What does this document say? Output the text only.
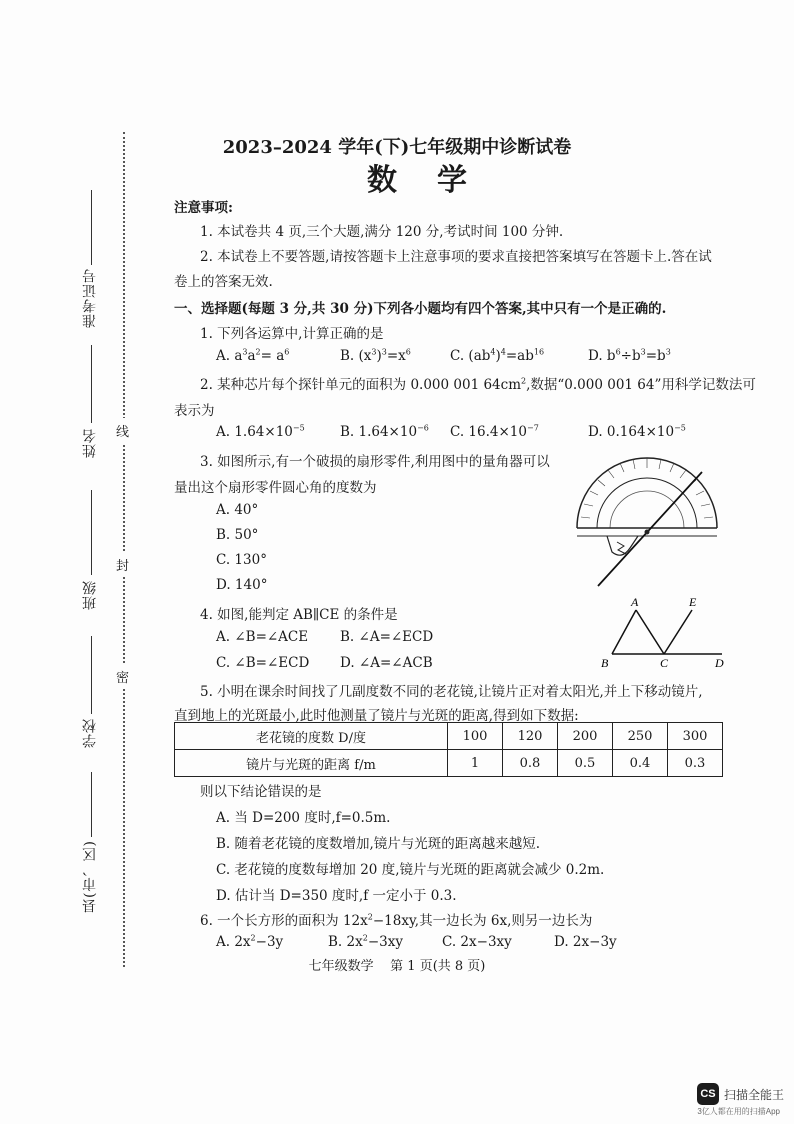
准考证号
姓名
班级
学校
县(市、区)
线
封
密
2023–2024 学年(下)七年级期中诊断试卷
数学
注意事项:
1. 本试卷共 4 页,三个大题,满分 120 分,考试时间 100 分钟.
2. 本试卷上不要答题,请按答题卡上注意事项的要求直接把答案填写在答题卡上.答在试
卷上的答案无效.
一、选择题(每题 3 分,共 30 分)下列各小题均有四个答案,其中只有一个是正确的.
1. 下列各运算中,计算正确的是
A. $a^3a^2= a^6$	B. $(x^3)^3=x^6$	C. $(ab^4)^4=ab^{16}$	D. $b^6\div b^3=b^3$
2. 某种芯片每个探针单元的面积为 0.000 001 $64cm^2$,数据“0.000 001 64”用科学记数法可
表示为
A. $1.64\times 10^{-5}$	B. $1.64\times 10^{-6}$ C. $16.4\times 10^{-7}$	D. $0.164\times 10^{-5}$
3. 如图所示,有一个破损的扇形零件,利用图中的量角器可以
量出这个扇形零件圆心角的度数为
A. 40°
B. 50°
C. 130°
D. 140°
4. 如图,能判定 AB∥CE 的条件是
A. ∠B=∠ACE B. ∠A=∠ECD
C. ∠B=∠ECD D. ∠A=∠ACB
A	E
B	C	D
5. 小明在课余时间找了几副度数不同的老花镜,让镜片正对着太阳光,并上下移动镜片,
直到地上的光斑最小,此时他测量了镜片与光斑的距离,得到如下数据:
老花镜的度数 D/度	100	120	200	250	300
镜片与光斑的距离 f/m	1	0.8	0.5	0.4	0.3
则以下结论错误的是
A. 当 D=200 度时,f=0.5m.
B. 随着老花镜的度数增加,镜片与光斑的距离越来越短.
C. 老花镜的度数每增加 20 度,镜片与光斑的距离就会减少 0.2m.
D. 估计当 D=350 度时,f 一定小于 0.3.
6. 一个长方形的面积为 $12x^2-18xy$,其一边长为 6x,则另一边长为
A. $2x^2-3y$	B. $2x^2-3xy$	C. 2x−3xy	D. 2x−3y
七年级数学    第 1 页(共 8 页)
CS 扫描全能王
3亿人都在用的扫描App
